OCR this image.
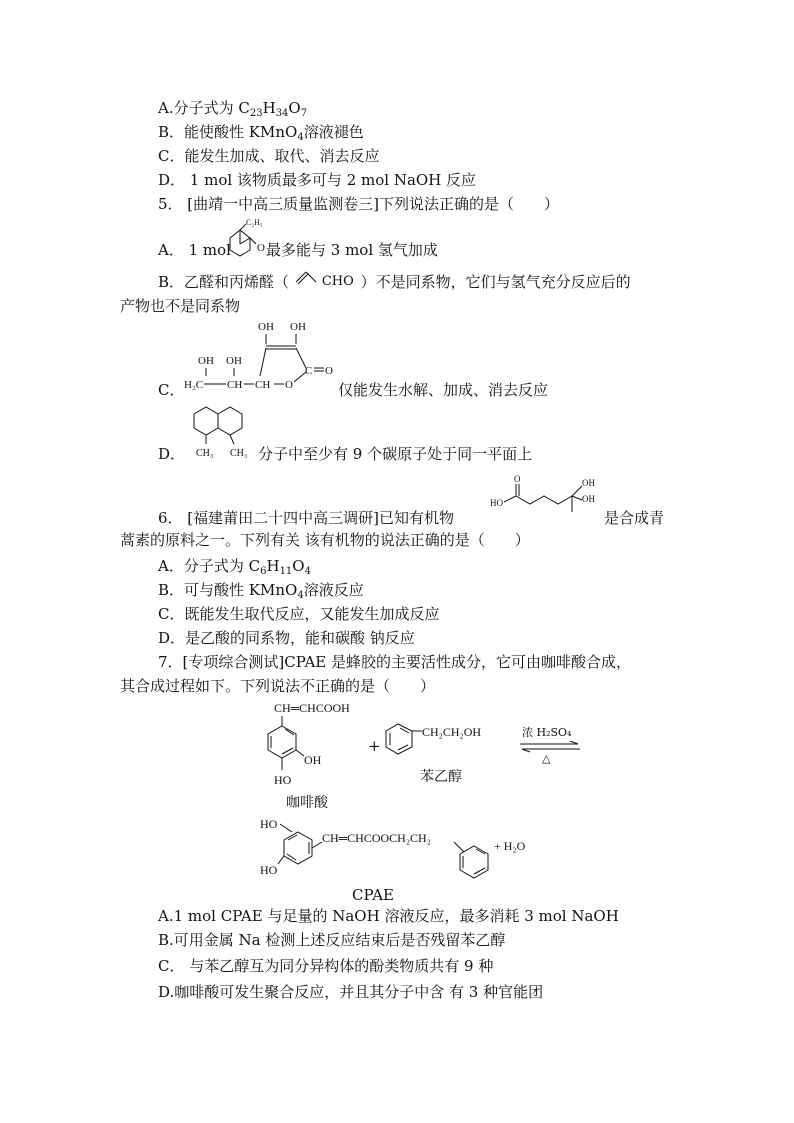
A.分子式为 $C_{23}H_{34}O_7$
B．能使酸性 KMnO$_4$溶液褪色
C．能发生加成、取代、消去反应
D． 1 mol 该物质最多可与 2 mol NaOH 反应
5． [曲靖一中高三质量监测卷三]下列说法正确的是（　　）
A． 1 mol
C₂H₅
O 最多能与 3 mol 氢气加成
B．乙醛和丙烯醛（	CHO ）不是同系物，它们与氢气充分反应后的
产物也不是同系物
C．
OH OH
OH OH
H₂C CH CH O
C O
仅能发生水解、加成、消去反应
D． CH₃ CH₃ 分子中至少有 9 个碳原子处于同一平面上
6． [福建莆田二十四中高三调研]已知有机物
HO
O	OH
OH
是合成青
蒿素的原料之一。下列有关 该有机物的说法正确的是（　　）
A．分子式为 $C_6H_{11}O_4$
B．可与酸性 KMnO$_4$溶液反应
C．既能发生取代反应，又能发生加成反应
D．是乙酸的同系物，能和碳酸 钠反应
7．[专项综合测试]CPAE 是蜂胶的主要活性成分，它可由咖啡酸合成，
其合成过程如下。下列说法不正确的是（　　）
CH═CHCOOH
OH
HO
咖啡酸
+
CH₂CH₂OH
苯乙醇
浓 H₂SO₄
△
HO
HO
CH═CHCOOCH₂CH₂
+ H₂O
CPAE
A.1 mol CPAE 与足量的 NaOH 溶液反应，最多消耗 3 mol NaOH
B.可用金属 Na 检测上述反应结束后是否残留苯乙醇
C． 与苯乙醇互为同分异构体的酚类物质共有 9 种
D.咖啡酸可发生聚合反应，并且其分子中含 有 3 种官能团
